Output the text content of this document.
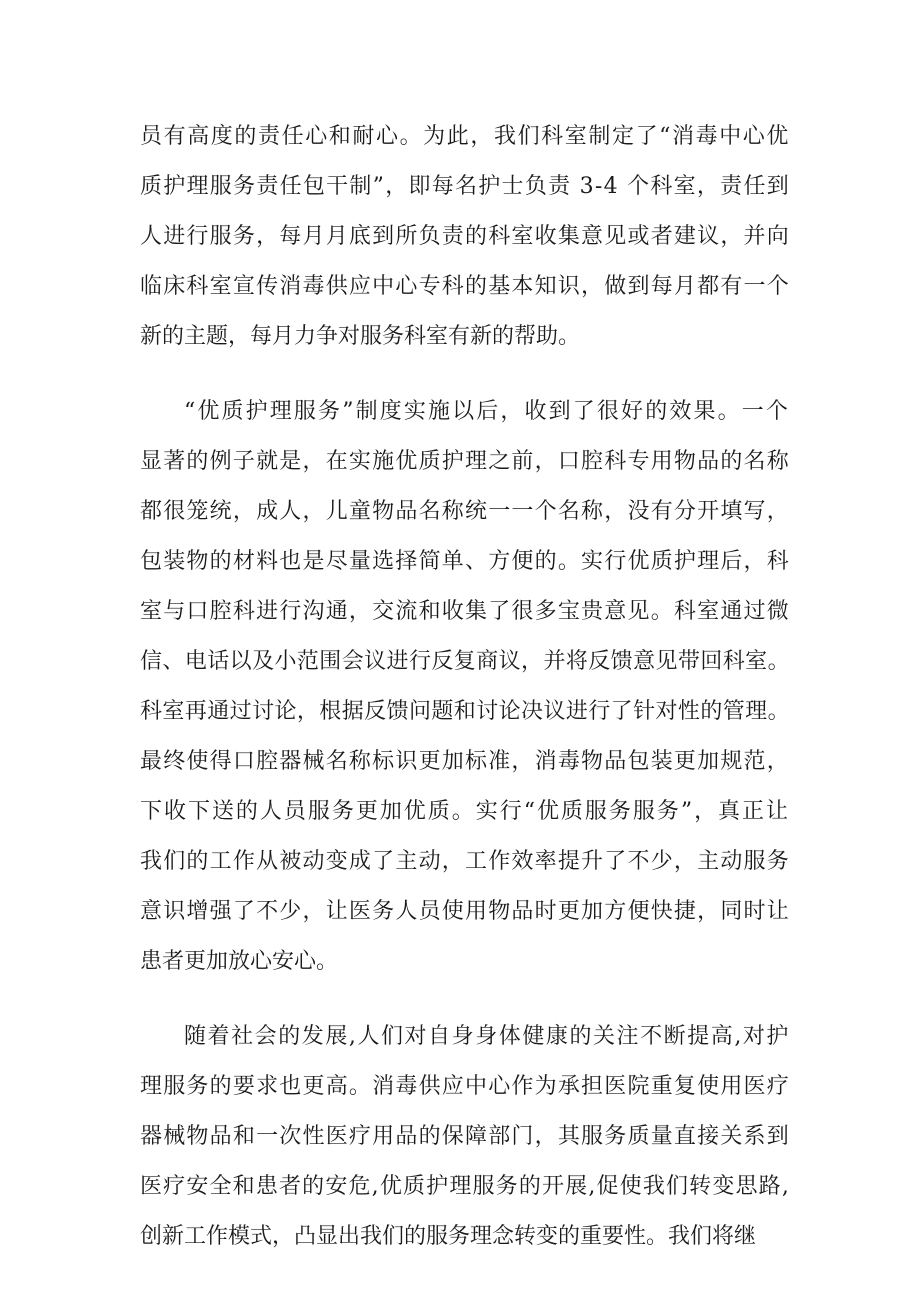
员有高度的责任心和耐心。为此，我们科室制定了“消毒中心优
质护理服务责任包干制”，即每名护士负责 3-4 个科室，责任到
人进行服务，每月月底到所负责的科室收集意见或者建议，并向
临床科室宣传消毒供应中心专科的基本知识，做到每月都有一个
新的主题，每月力争对服务科室有新的帮助。
“优质护理服务”制度实施以后，收到了很好的效果。一个
显著的例子就是，在实施优质护理之前，口腔科专用物品的名称
都很笼统，成人，儿童物品名称统一一个名称，没有分开填写，
包装物的材料也是尽量选择简单、方便的。实行优质护理后，科
室与口腔科进行沟通，交流和收集了很多宝贵意见。科室通过微
信、电话以及小范围会议进行反复商议，并将反馈意见带回科室。
科室再通过讨论，根据反馈问题和讨论决议进行了针对性的管理。
最终使得口腔器械名称标识更加标准，消毒物品包装更加规范，
下收下送的人员服务更加优质。实行“优质服务服务”，真正让
我们的工作从被动变成了主动，工作效率提升了不少，主动服务
意识增强了不少，让医务人员使用物品时更加方便快捷，同时让
患者更加放心安心。
随着社会的发展,人们对自身身体健康的关注不断提高,对护
理服务的要求也更高。消毒供应中心作为承担医院重复使用医疗
器械物品和一次性医疗用品的保障部门，其服务质量直接关系到
医疗安全和患者的安危,优质护理服务的开展,促使我们转变思路,
创新工作模式，凸显出我们的服务理念转变的重要性。我们将继
